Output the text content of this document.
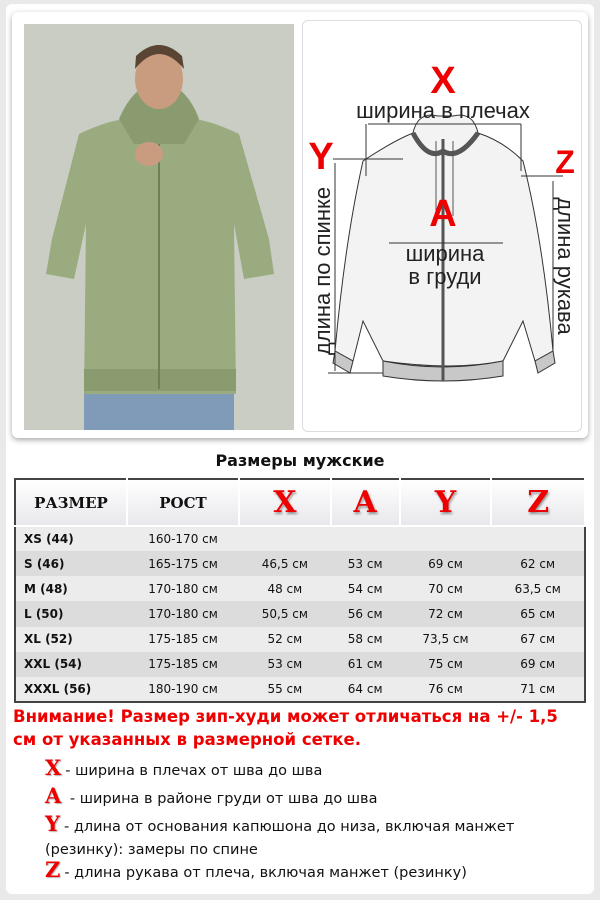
X
ширина в плечах
Y
длина по спинке
Z
длина рукава
A
ширина
в груди
Размеры мужские
РАЗМЕР	РОСТ	X	A	Y	Z
XS (44)	160-170 см				
S (46)	165-175 см	46,5 см	53 см	69 см	62 см
M (48)	170-180 см	48 см	54 см	70 см	63,5 см
L (50)	170-180 см	50,5 см	56 см	72 см	65 см
XL (52)	175-185 см	52 см	58 см	73,5 см	67 см
XXL (54)	175-185 см	53 см	61 см	75 см	69 см
XXXL (56)	180-190 см	55 см	64 см	76 см	71 см
Внимание! Размер зип-худи может отличаться на +/- 1,5 см от указанных в размерной сетке.
X - ширина в плечах от шва до шва
A - ширина в районе груди от шва до шва
Y - длина от основания капюшона до низа, включая манжет (резинку): замеры по спине
Z - длина рукава от плеча, включая манжет (резинку)
